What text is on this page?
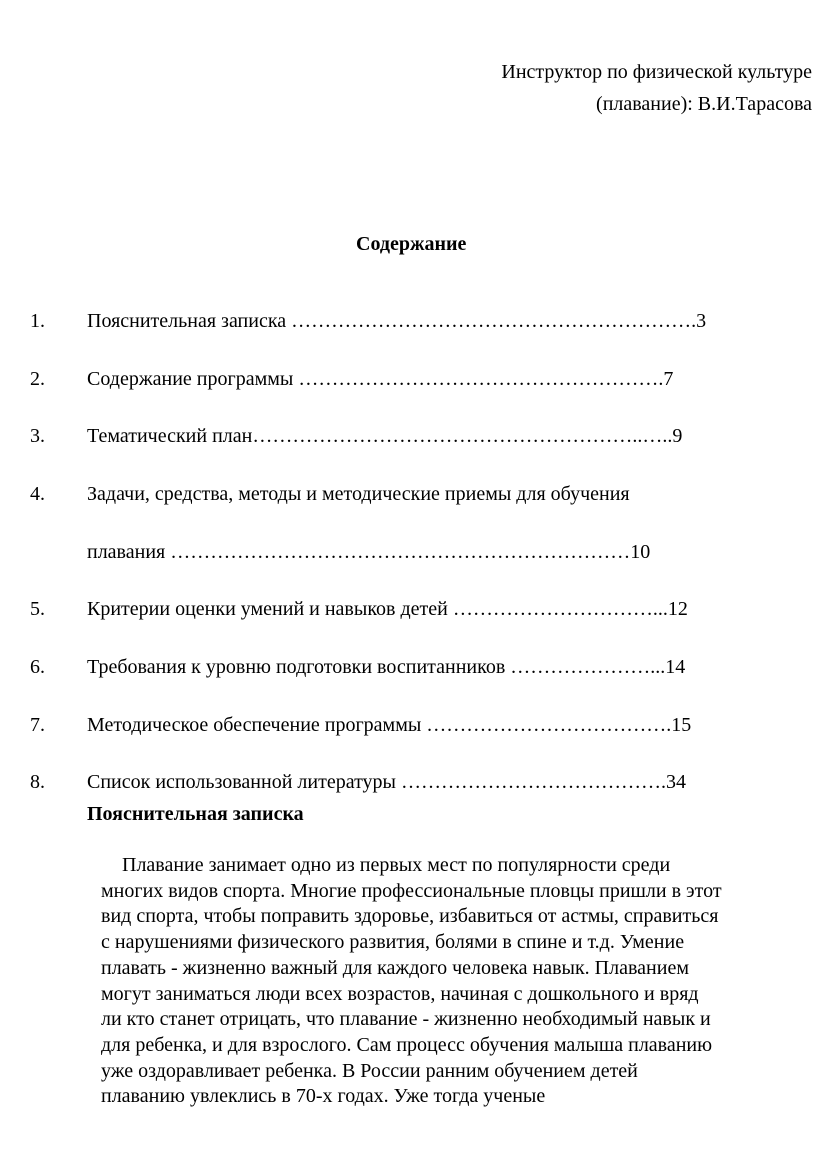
Инструктор по физической культуре
(плавание): В.И.Тарасова
Содержание
1. Пояснительная записка …………………………………………………….3
2. Содержание программы ……………………………………………….7
3. Тематический план…………………………………………………..…..9
4. Задачи, средства, методы и методические приемы для обучения
плавания ……………………………………………………………10
5. Критерии оценки умений и навыков детей …………………………...12
6. Требования к уровню подготовки воспитанников …………………...14
7. Методическое обеспечение программы ……………………………….15
8. Список использованной литературы ………………………………….34
Пояснительная записка
Плавание занимает одно из первых мест по популярности среди
многих видов спорта. Многие профессиональные пловцы пришли в этот
вид спорта, чтобы поправить здоровье, избавиться от астмы, справиться
с нарушениями физического развития, болями в спине и т.д. Умение
плавать - жизненно важный для каждого человека навык. Плаванием
могут заниматься люди всех возрастов, начиная с дошкольного и вряд
ли кто станет отрицать, что плавание - жизненно необходимый навык и
для ребенка, и для взрослого. Сам процесс обучения малыша плаванию
уже оздоравливает ребенка. В России ранним обучением детей
плаванию увлеклись в 70-х годах. Уже тогда ученые
